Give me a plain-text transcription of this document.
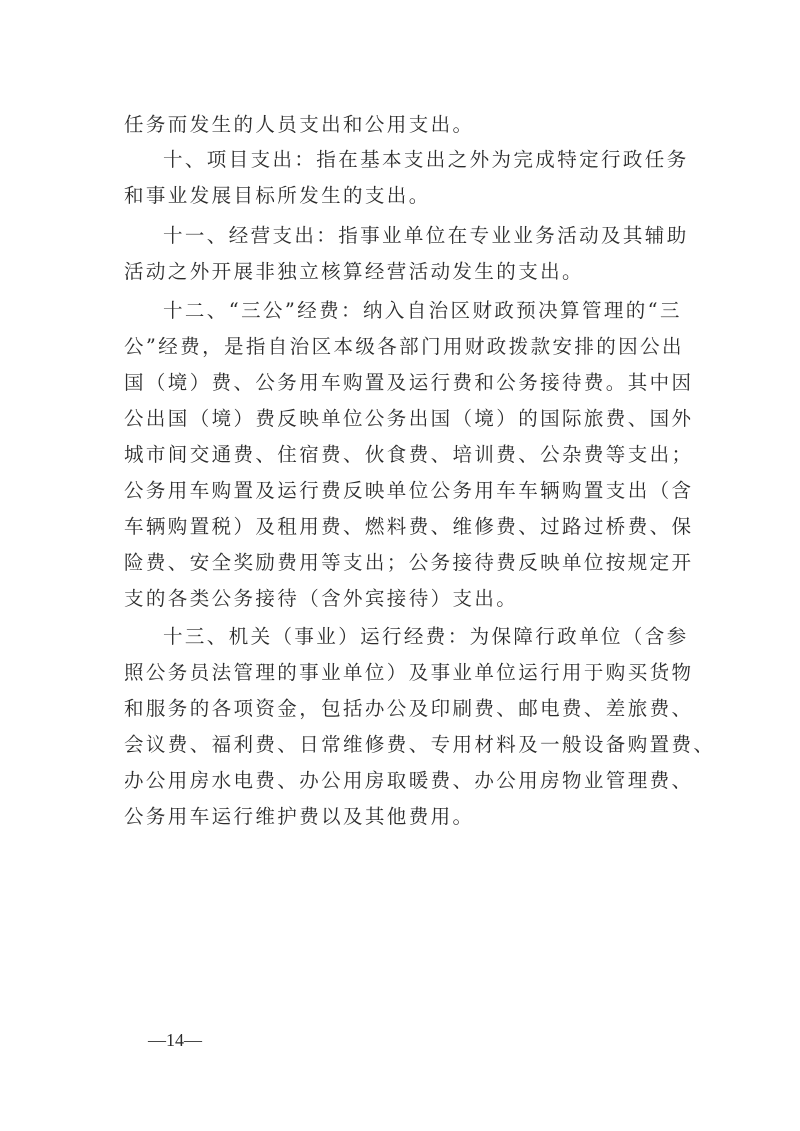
任务而发生的人员支出和公用支出。
十、项目支出：指在基本支出之外为完成特定行政任务
和事业发展目标所发生的支出。
十一、经营支出：指事业单位在专业业务活动及其辅助
活动之外开展非独立核算经营活动发生的支出。
十二、“三公”经费：纳入自治区财政预决算管理的“三
公”经费，是指自治区本级各部门用财政拨款安排的因公出
国（境）费、公务用车购置及运行费和公务接待费。其中因
公出国（境）费反映单位公务出国（境）的国际旅费、国外
城市间交通费、住宿费、伙食费、培训费、公杂费等支出；
公务用车购置及运行费反映单位公务用车车辆购置支出（含
车辆购置税）及租用费、燃料费、维修费、过路过桥费、保
险费、安全奖励费用等支出；公务接待费反映单位按规定开
支的各类公务接待（含外宾接待）支出。
十三、机关（事业）运行经费：为保障行政单位（含参
照公务员法管理的事业单位）及事业单位运行用于购买货物
和服务的各项资金，包括办公及印刷费、邮电费、差旅费、
会议费、福利费、日常维修费、专用材料及一般设备购置费、
办公用房水电费、办公用房取暖费、办公用房物业管理费、
公务用车运行维护费以及其他费用。
—14—
